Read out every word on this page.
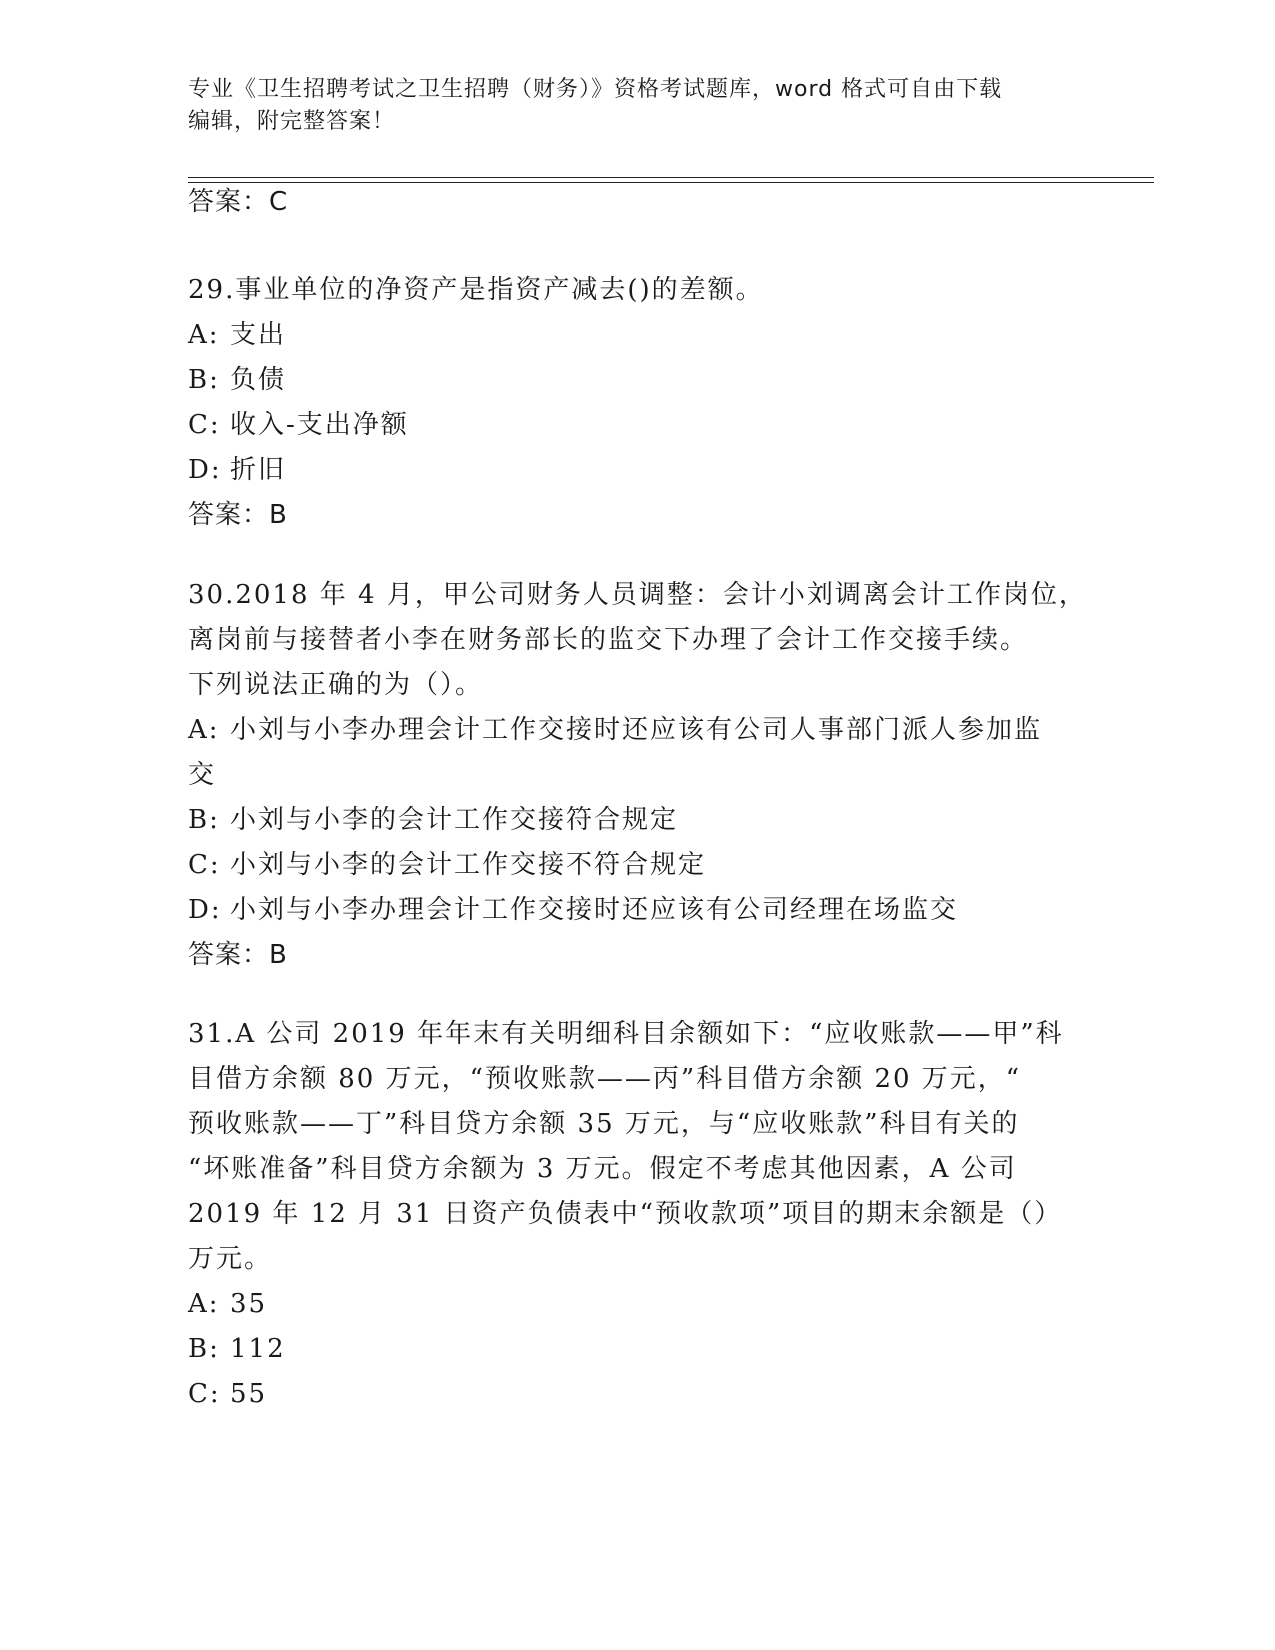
专业《卫生招聘考试之卫生招聘（财务）》资格考试题库，word 格式可自由下载
编辑，附完整答案！
答案：C
29.事业单位的净资产是指资产减去()的差额。
A: 支出
B: 负债
C: 收入-支出净额
D: 折旧
答案：B
30.2018 年 4 月，甲公司财务人员调整：会计小刘调离会计工作岗位，
离岗前与接替者小李在财务部长的监交下办理了会计工作交接手续。
下列说法正确的为（）。
A: 小刘与小李办理会计工作交接时还应该有公司人事部门派人参加监
交
B: 小刘与小李的会计工作交接符合规定
C: 小刘与小李的会计工作交接不符合规定
D: 小刘与小李办理会计工作交接时还应该有公司经理在场监交
答案：B
31.A 公司 2019 年年末有关明细科目余额如下：“应收账款——甲”科
目借方余额 80 万元，“预收账款——丙”科目借方余额 20 万元，“
预收账款——丁”科目贷方余额 35 万元，与“应收账款”科目有关的
“坏账准备”科目贷方余额为 3 万元。假定不考虑其他因素，A 公司
2019 年 12 月 31 日资产负债表中“预收款项”项目的期末余额是（）
万元。
A: 35
B: 112
C: 55
